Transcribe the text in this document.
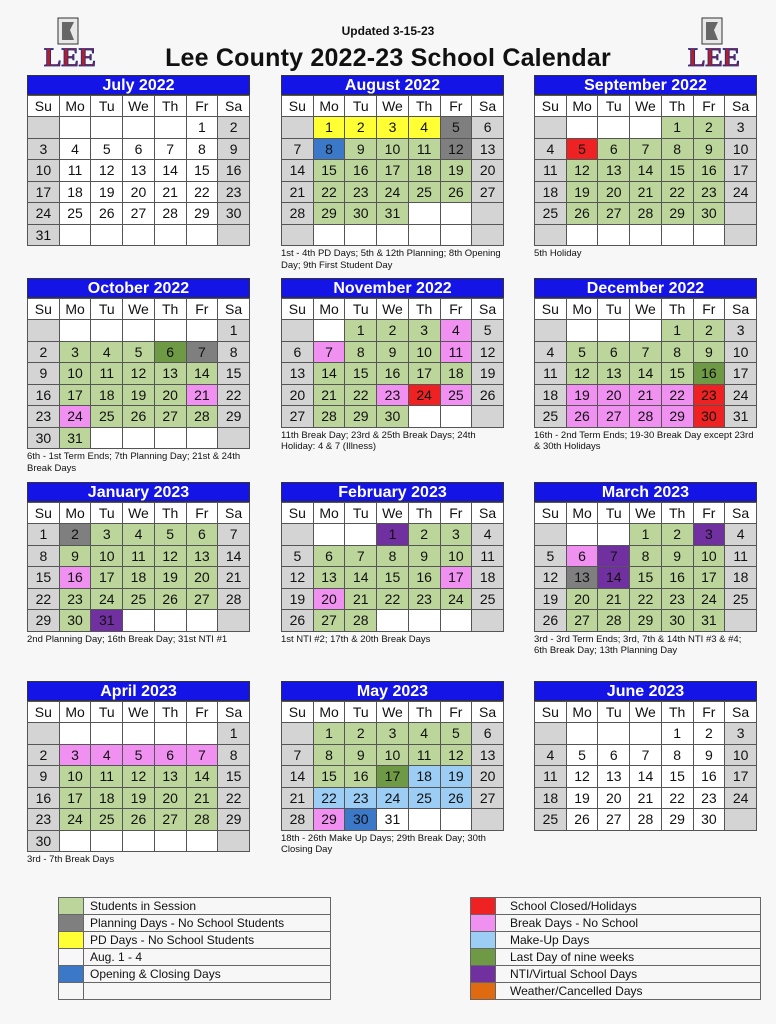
LEE	LEE
Updated 3-15-23
Lee County 2022-23 School Calendar
July 2022
Su	Mo	Tu	We	Th	Fr	Sa
					1	2
3	4	5	6	7	8	9
10	11	12	13	14	15	16
17	18	19	20	21	22	23
24	25	26	27	28	29	30
31						
August 2022
Su	Mo	Tu	We	Th	Fr	Sa
	1	2	3	4	5	6
7	8	9	10	11	12	13
14	15	16	17	18	19	20
21	22	23	24	25	26	27
28	29	30	31			

September 2022
Su	Mo	Tu	We	Th	Fr	Sa
				1	2	3
4	5	6	7	8	9	10
11	12	13	14	15	16	17
18	19	20	21	22	23	24
25	26	27	28	29	30	

October 2022
Su	Mo	Tu	We	Th	Fr	Sa
						1
2	3	4	5	6	7	8
9	10	11	12	13	14	15
16	17	18	19	20	21	22
23	24	25	26	27	28	29
30	31					
November 2022
Su	Mo	Tu	We	Th	Fr	Sa
		1	2	3	4	5
6	7	8	9	10	11	12
13	14	15	16	17	18	19
20	21	22	23	24	25	26
27	28	29	30			
December 2022
Su	Mo	Tu	We	Th	Fr	Sa
				1	2	3
4	5	6	7	8	9	10
11	12	13	14	15	16	17
18	19	20	21	22	23	24
25	26	27	28	29	30	31
January 2023
Su	Mo	Tu	We	Th	Fr	Sa
1	2	3	4	5	6	7
8	9	10	11	12	13	14
15	16	17	18	19	20	21
22	23	24	25	26	27	28
29	30	31				
February 2023
Su	Mo	Tu	We	Th	Fr	Sa
			1	2	3	4
5	6	7	8	9	10	11
12	13	14	15	16	17	18
19	20	21	22	23	24	25
26	27	28				
March 2023
Su	Mo	Tu	We	Th	Fr	Sa
			1	2	3	4
5	6	7	8	9	10	11
12	13	14	15	16	17	18
19	20	21	22	23	24	25
26	27	28	29	30	31	
April 2023
Su	Mo	Tu	We	Th	Fr	Sa
						1
2	3	4	5	6	7	8
9	10	11	12	13	14	15
16	17	18	19	20	21	22
23	24	25	26	27	28	29
30						
May 2023
Su	Mo	Tu	We	Th	Fr	Sa
	1	2	3	4	5	6
7	8	9	10	11	12	13
14	15	16	17	18	19	20
21	22	23	24	25	26	27
28	29	30	31			
June 2023
Su	Mo	Tu	We	Th	Fr	Sa
				1	2	3
4	5	6	7	8	9	10
11	12	13	14	15	16	17
18	19	20	21	22	23	24
25	26	27	28	29	30	
	Students in Session
	Planning Days - No School Students
	PD Days - No School Students
	Aug. 1 - 4
	Opening & Closing Days

	School Closed/Holidays
	Break Days - No School
	Make-Up Days
	Last Day of nine weeks
	NTI/Virtual School Days
	Weather/Cancelled Days
1st - 4th PD Days; 5th & 12th Planning; 8th Opening Day; 9th First Student Day
5th Holiday
6th - 1st Term Ends; 7th Planning Day; 21st & 24th Break Days
11th Break Day; 23rd & 25th Break Days; 24th Holiday: 4 & 7 (Illness)
16th - 2nd Term Ends; 19-30 Break Day except 23rd & 30th Holidays
2nd Planning Day; 16th Break Day; 31st NTI #1	1st NTI #2; 17th & 20th Break Days	3rd - 3rd Term Ends; 3rd, 7th & 14th NTI #3 & #4; 6th Break Day; 13th Planning Day
3rd - 7th Break Days
18th - 26th Make Up Days; 29th Break Day; 30th Closing Day
